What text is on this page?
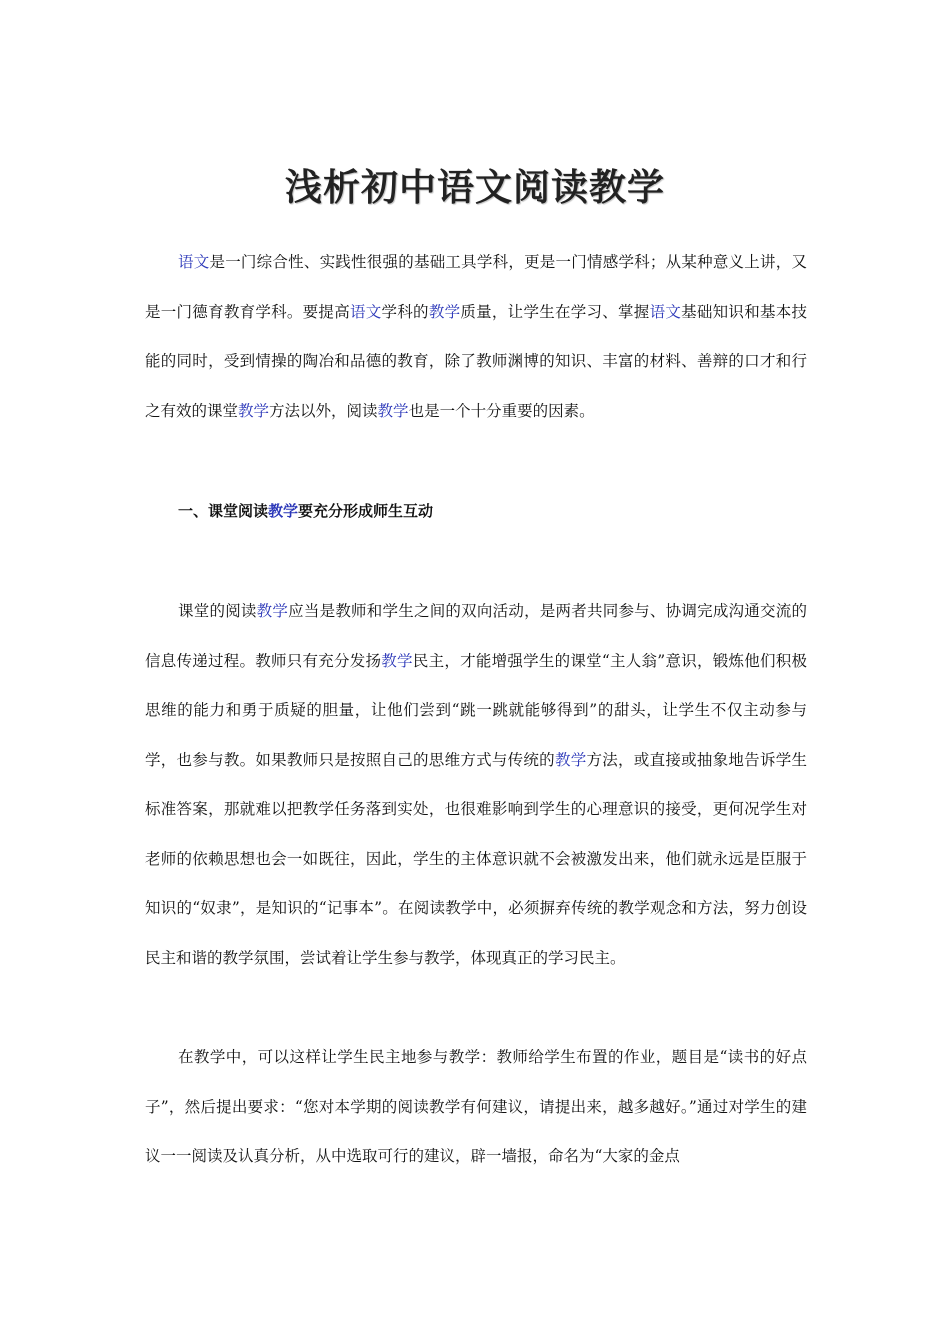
浅析初中语文阅读教学

语文是一门综合性、实践性很强的基础工具学科，更是一门情感学科；从某种意义上讲，又是一门德育教育学科。要提高语文学科的教学质量，让学生在学习、掌握语文基础知识和基本技能的同时，受到情操的陶冶和品德的教育，除了教师渊博的知识、丰富的材料、善辩的口才和行之有效的课堂教学方法以外，阅读教学也是一个十分重要的因素。

一、课堂阅读教学要充分形成师生互动

课堂的阅读教学应当是教师和学生之间的双向活动，是两者共同参与、协调完成沟通交流的信息传递过程。教师只有充分发扬教学民主，才能增强学生的课堂“主人翁”意识，锻炼他们积极思维的能力和勇于质疑的胆量，让他们尝到“跳一跳就能够得到”的甜头，让学生不仅主动参与学，也参与教。如果教师只是按照自己的思维方式与传统的教学方法，或直接或抽象地告诉学生标准答案，那就难以把教学任务落到实处，也很难影响到学生的心理意识的接受，更何况学生对老师的依赖思想也会一如既往，因此，学生的主体意识就不会被激发出来，他们就永远是臣服于知识的“奴隶”，是知识的“记事本”。在阅读教学中，必须摒弃传统的教学观念和方法，努力创设民主和谐的教学氛围，尝试着让学生参与教学，体现真正的学习民主。

在教学中，可以这样让学生民主地参与教学：教师给学生布置的作业，题目是“读书的好点子”，然后提出要求：“您对本学期的阅读教学有何建议，请提出来，越多越好。”通过对学生的建议一一阅读及认真分析，从中选取可行的建议，辟一墙报，命名为“大家的金点
